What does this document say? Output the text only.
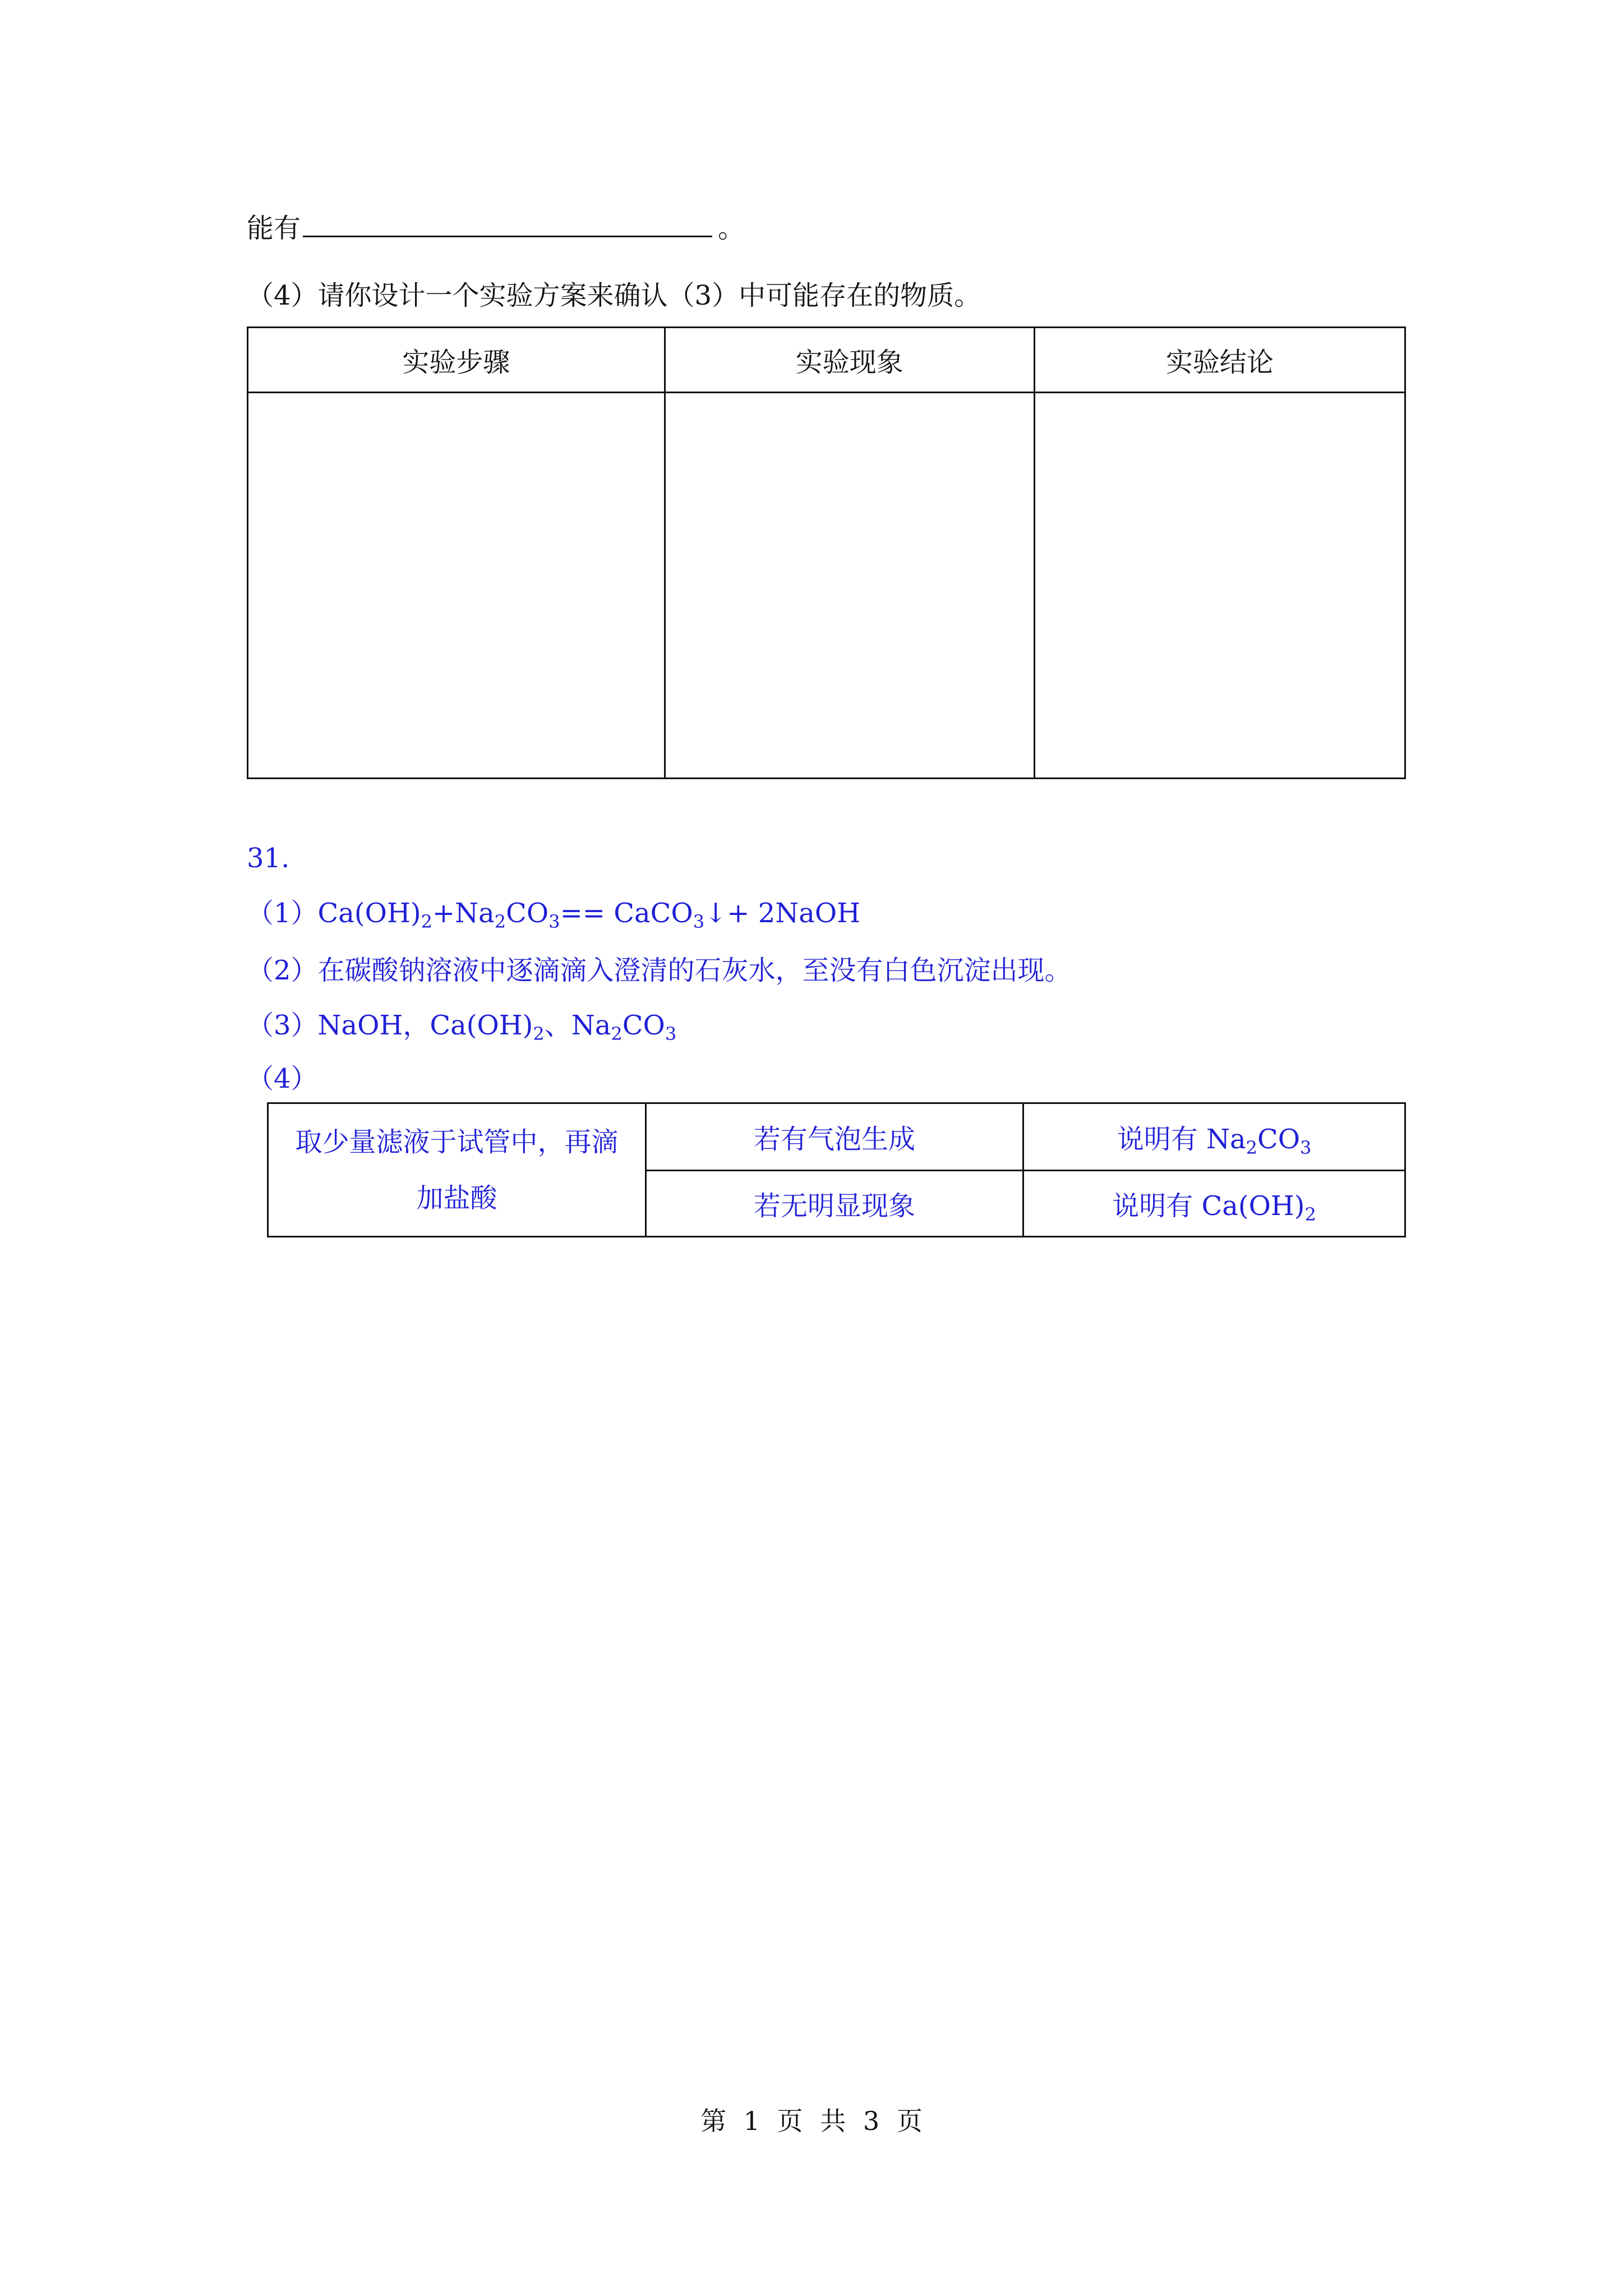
能有	。
（4）请你设计一个实验方案来确认（3）中可能存在的物质。
实验步骤	实验现象	实验结论

31.
$(1)Ca(OH)_2+Na_2CO_3==$ CaCO$_3$↓+ 2NaOH
（2）在碳酸钠溶液中逐滴滴入澄清的石灰水，至没有白色沉淀出现。
（3）NaOH，$Ca(OH)_2$、$Na_2CO_3$
（4）
取少量滤液于试管中，再滴加盐酸	若有气泡生成	说明有 $Na_2CO_3$
	若无明显现象	说明有 $Ca(OH)_2$
第 1 页 共 3 页
